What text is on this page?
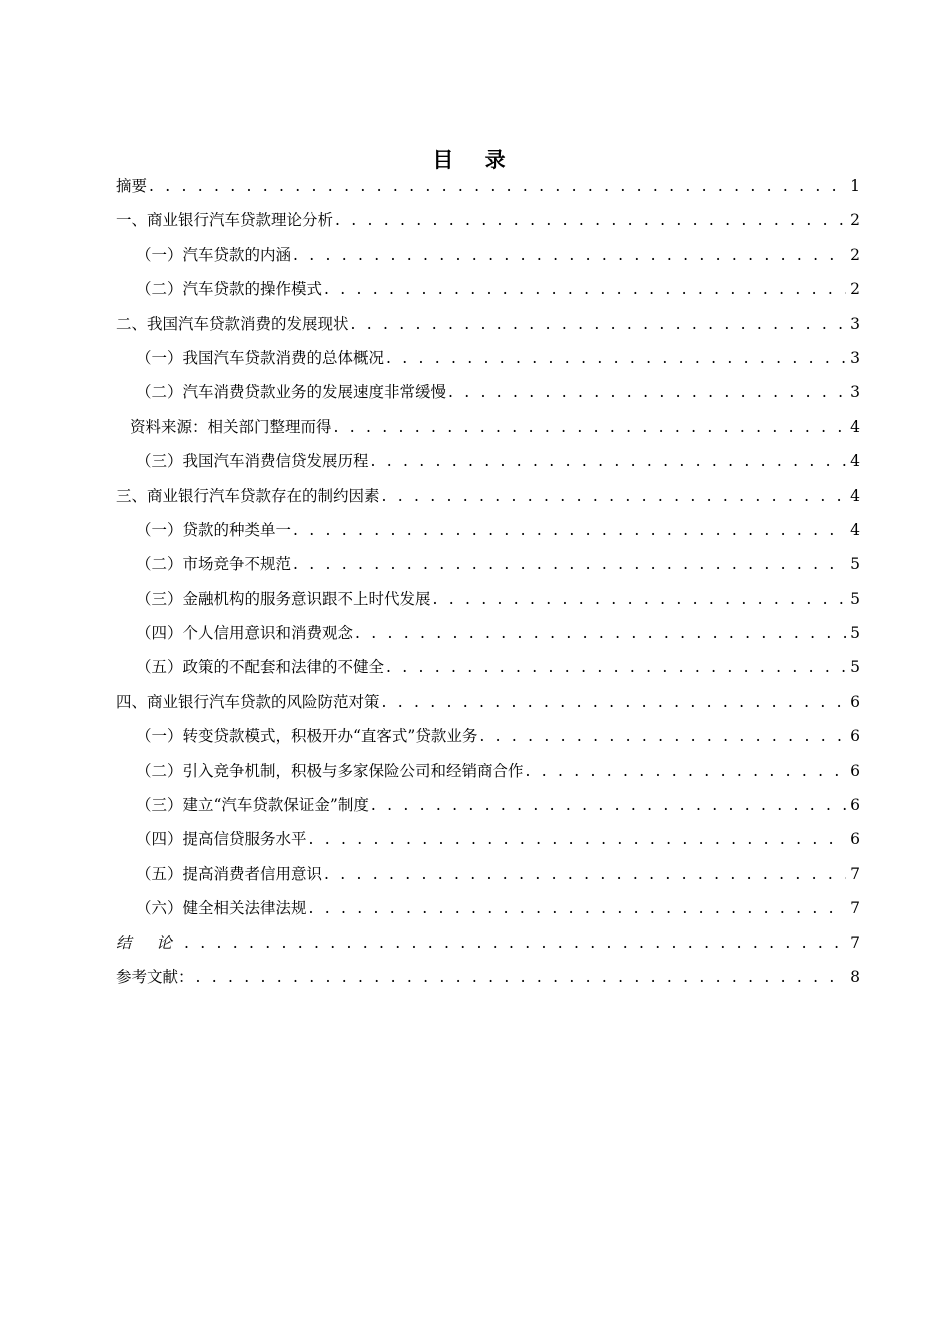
目 录
摘要 . . .	1
一、商业银行汽车贷款理论分析 . . .	2
（一）汽车贷款的内涵 . . .	2
（二）汽车贷款的操作模式 . . .	2
二、我国汽车贷款消费的发展现状 . . .	3
（一）我国汽车贷款消费的总体概况 . . .	3
（二）汽车消费贷款业务的发展速度非常缓慢 . . .	3
资料来源：相关部门整理而得 . . .	4
（三）我国汽车消费信贷发展历程 . . .	4
三、商业银行汽车贷款存在的制约因素 . . .	4
（一）贷款的种类单一 . . .	4
（二）市场竞争不规范 . . .	5
（三）金融机构的服务意识跟不上时代发展 . . .	5
（四）个人信用意识和消费观念 . . .	5
（五）政策的不配套和法律的不健全 . . .	5
四、商业银行汽车贷款的风险防范对策 . . .	6
（一）转变贷款模式，积极开办“直客式”贷款业务 . . .	6
（二）引入竞争机制，积极与多家保险公司和经销商合作 . . .	6
（三）建立“汽车贷款保证金”制度 . . .	6
（四）提高信贷服务水平 . . .	6
（五）提高消费者信用意识 . . .	7
（六）健全相关法律法规 . . .	7
结 论 . . .	7
参考文献： . . .	8
